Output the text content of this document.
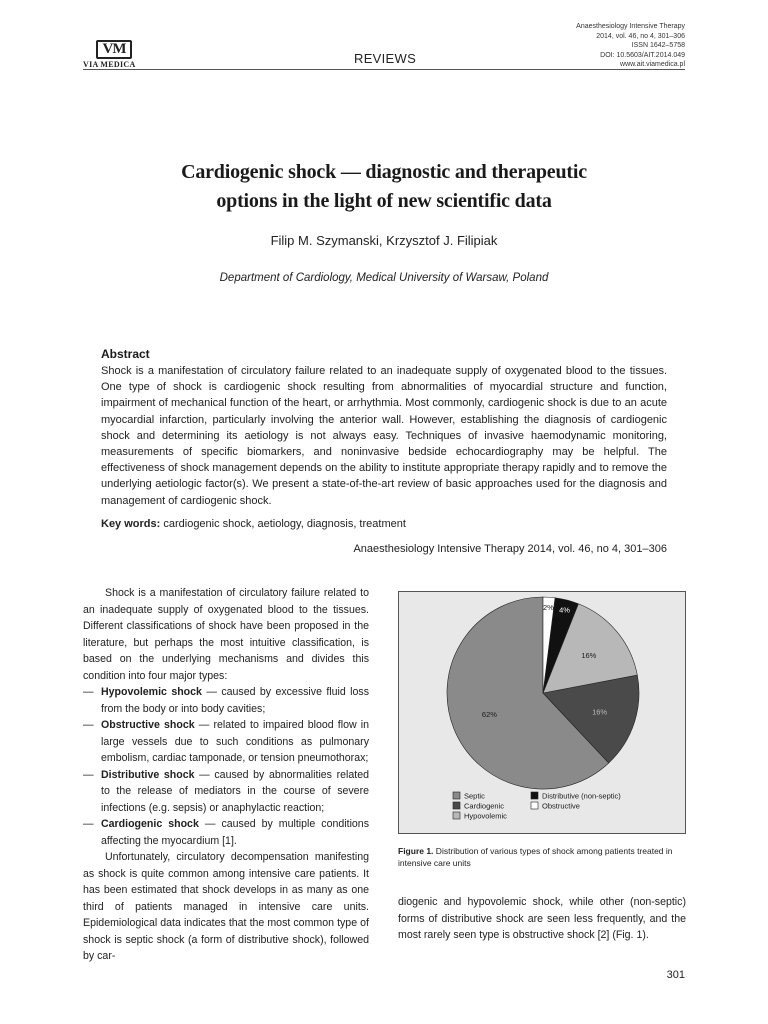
VM
VIA MEDICA	REVIEWS
Anaesthesiology Intensive Therapy
2014, vol. 46, no 4, 301–306
ISSN 1642–5758
DOI: 10.5603/AIT.2014.049
www.ait.viamedica.pl
Cardiogenic shock — diagnostic and therapeutic
options in the light of new scientific data
Filip M. Szymanski, Krzysztof J. Filipiak
Department of Cardiology, Medical University of Warsaw, Poland
Abstract
Shock is a manifestation of circulatory failure related to an inadequate supply of oxygenated blood to the tissues. One type of shock is cardiogenic shock resulting from abnormalities of myocardial structure and function, impairment of mechanical function of the heart, or arrhythmia. Most commonly, cardiogenic shock is due to an acute myocardial infarction, particularly involving the anterior wall. However, establishing the diagnosis of cardiogenic shock and determining its aetiology is not always easy. Techniques of invasive haemodynamic monitoring, measurements of specific biomarkers, and noninvasive bedside echocardiography may be helpful. The effectiveness of shock management depends on the ability to institute appropriate therapy rapidly and to remove the underlying aetiologic factor(s). We present a state-of-the-art review of basic approaches used for the diagnosis and management of cardiogenic shock.
Key words: cardiogenic shock, aetiology, diagnosis, treatment
Anaesthesiology Intensive Therapy 2014, vol. 46, no 4, 301–306

Shock is a manifestation of circulatory failure related to an inadequate supply of oxygenated blood to the tissues. Different classifications of shock have been proposed in the literature, but perhaps the most intuitive classification, is based on the underlying mechanisms and divides this condition into four major types:

— Hypovolemic shock — caused by excessive fluid loss from the body or into body cavities;
— Obstructive shock — related to impaired blood flow in large vessels due to such conditions as pulmonary embolism, cardiac tamponade, or tension pneumothorax;
— Distributive shock — caused by abnormalities related to the release of mediators in the course of severe infections (e.g. sepsis) or anaphylactic reaction;
— Cardiogenic shock — caused by multiple conditions affecting the myocardium [1].

Unfortunately, circulatory decompensation manifesting as shock is quite common among intensive care patients. It has been estimated that shock develops in as many as one third of patients managed in intensive care units. Epidemiological data indicates that the most common type of shock is septic shock (a form of distributive shock), followed by car-

62%	16%
16%
4%
2%
Septic
Cardiogenic
Hypovolemic
Distributive (non-septic)
Obstructive
Figure 1. Distribution of various types of shock among patients treated in intensive care units
diogenic and hypovolemic shock, while other (non-septic) forms of distributive shock are seen less frequently, and the most rarely seen type is obstructive shock [2] (Fig. 1).
301
